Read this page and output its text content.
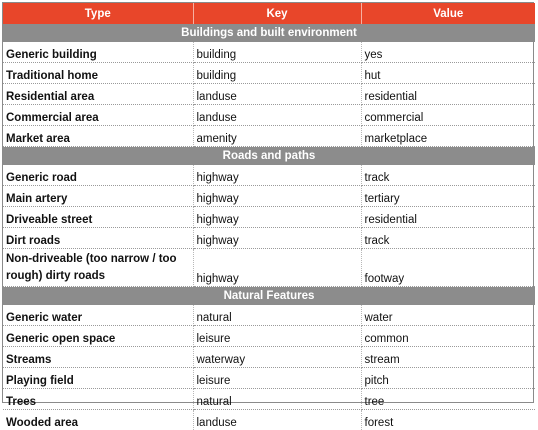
Type	Key	Value
Buildings and built environment		
Generic building	building	yes
Traditional home	building	hut
Residential area	landuse	residential
Commercial area	landuse	commercial
Market area	amenity	marketplace
Roads and paths		
Generic road	highway	track
Main artery	highway	tertiary
Driveable street	highway	residential
Dirt roads	highway	track
Non-driveable (too narrow / too rough) dirty roads	highway	footway
Natural Features		
Generic water	natural	water
Generic open space	leisure	common
Streams	waterway	stream
Playing field	leisure	pitch
Trees	natural	tree
Wooded area	landuse	forest
